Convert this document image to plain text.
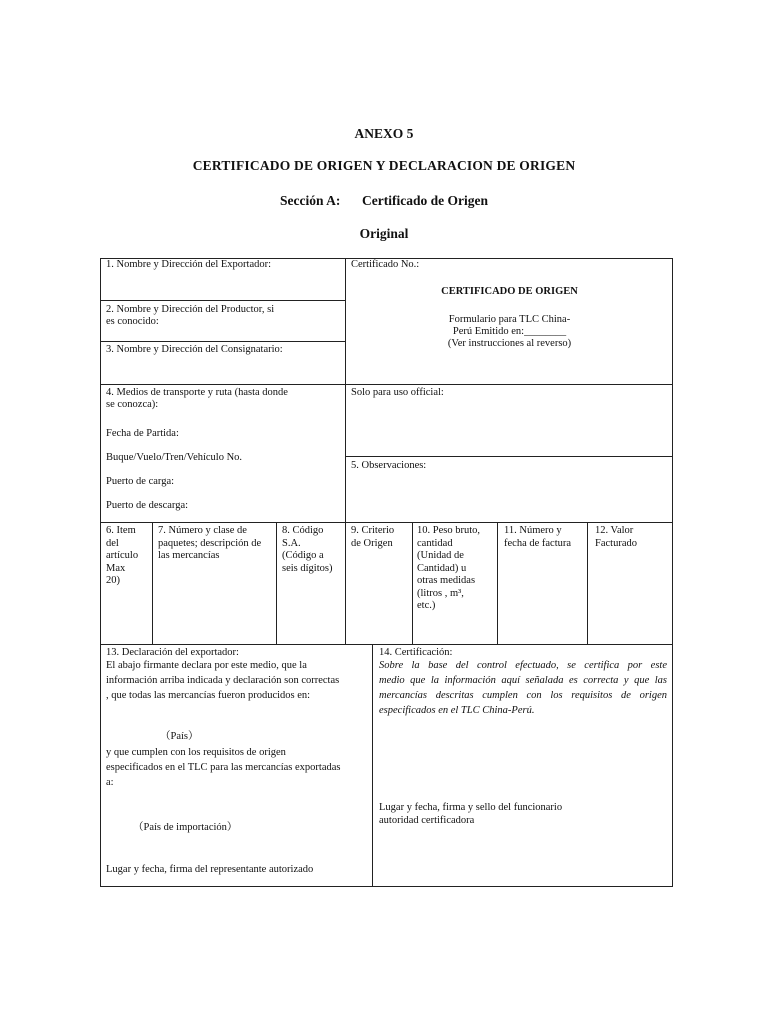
ANEXO 5
CERTIFICADO DE ORIGEN Y DECLARACION DE ORIGEN
Sección A: Certificado de Origen
Original
1. Nombre y Dirección del Exportador:
2. Nombre y Dirección del Productor, si
es conocido:
3. Nombre y Dirección del Consignatario:
Certificado No.:
CERTIFICADO DE ORIGEN
Formulario para TLC China-
Perú Emitido en:________
(Ver instrucciones al reverso)
4. Medios de transporte y ruta (hasta donde
se conozca):
Fecha de Partida:
Buque/Vuelo/Tren/Vehículo No.
Puerto de carga:
Puerto de descarga:
Solo para uso official:
5. Observaciones:
6. Item
del
artículo
Max
20)
7. Número y clase de
paquetes; descripción de
las mercancías
8. Código
S.A.
(Código a
seis dígitos)
9. Criterio
de Origen
10. Peso bruto,
cantidad
(Unidad de
Cantidad) u
otras medidas
(litros , m³,
etc.)
11. Número y
fecha de factura
12. Valor
Facturado
13. Declaración del exportador:
El abajo firmante declara por este medio, que la
información arriba indicada y declaración son correctas
, que todas las mercancías fueron producidos en:
（País）
y que cumplen con los requisitos de origen
especificados en el TLC para las mercancías exportadas
a:
（País de importación）
Lugar y fecha, firma del representante autorizado
14. Certificación:
Sobre la base del control efectuado, se certifica por este
medio que la información aquí señalada es correcta y que las
mercancías descritas cumplen con los requisitos de origen
especificados en el TLC China-Perú.
Lugar y fecha, firma y sello del funcionario
autoridad certificadora
